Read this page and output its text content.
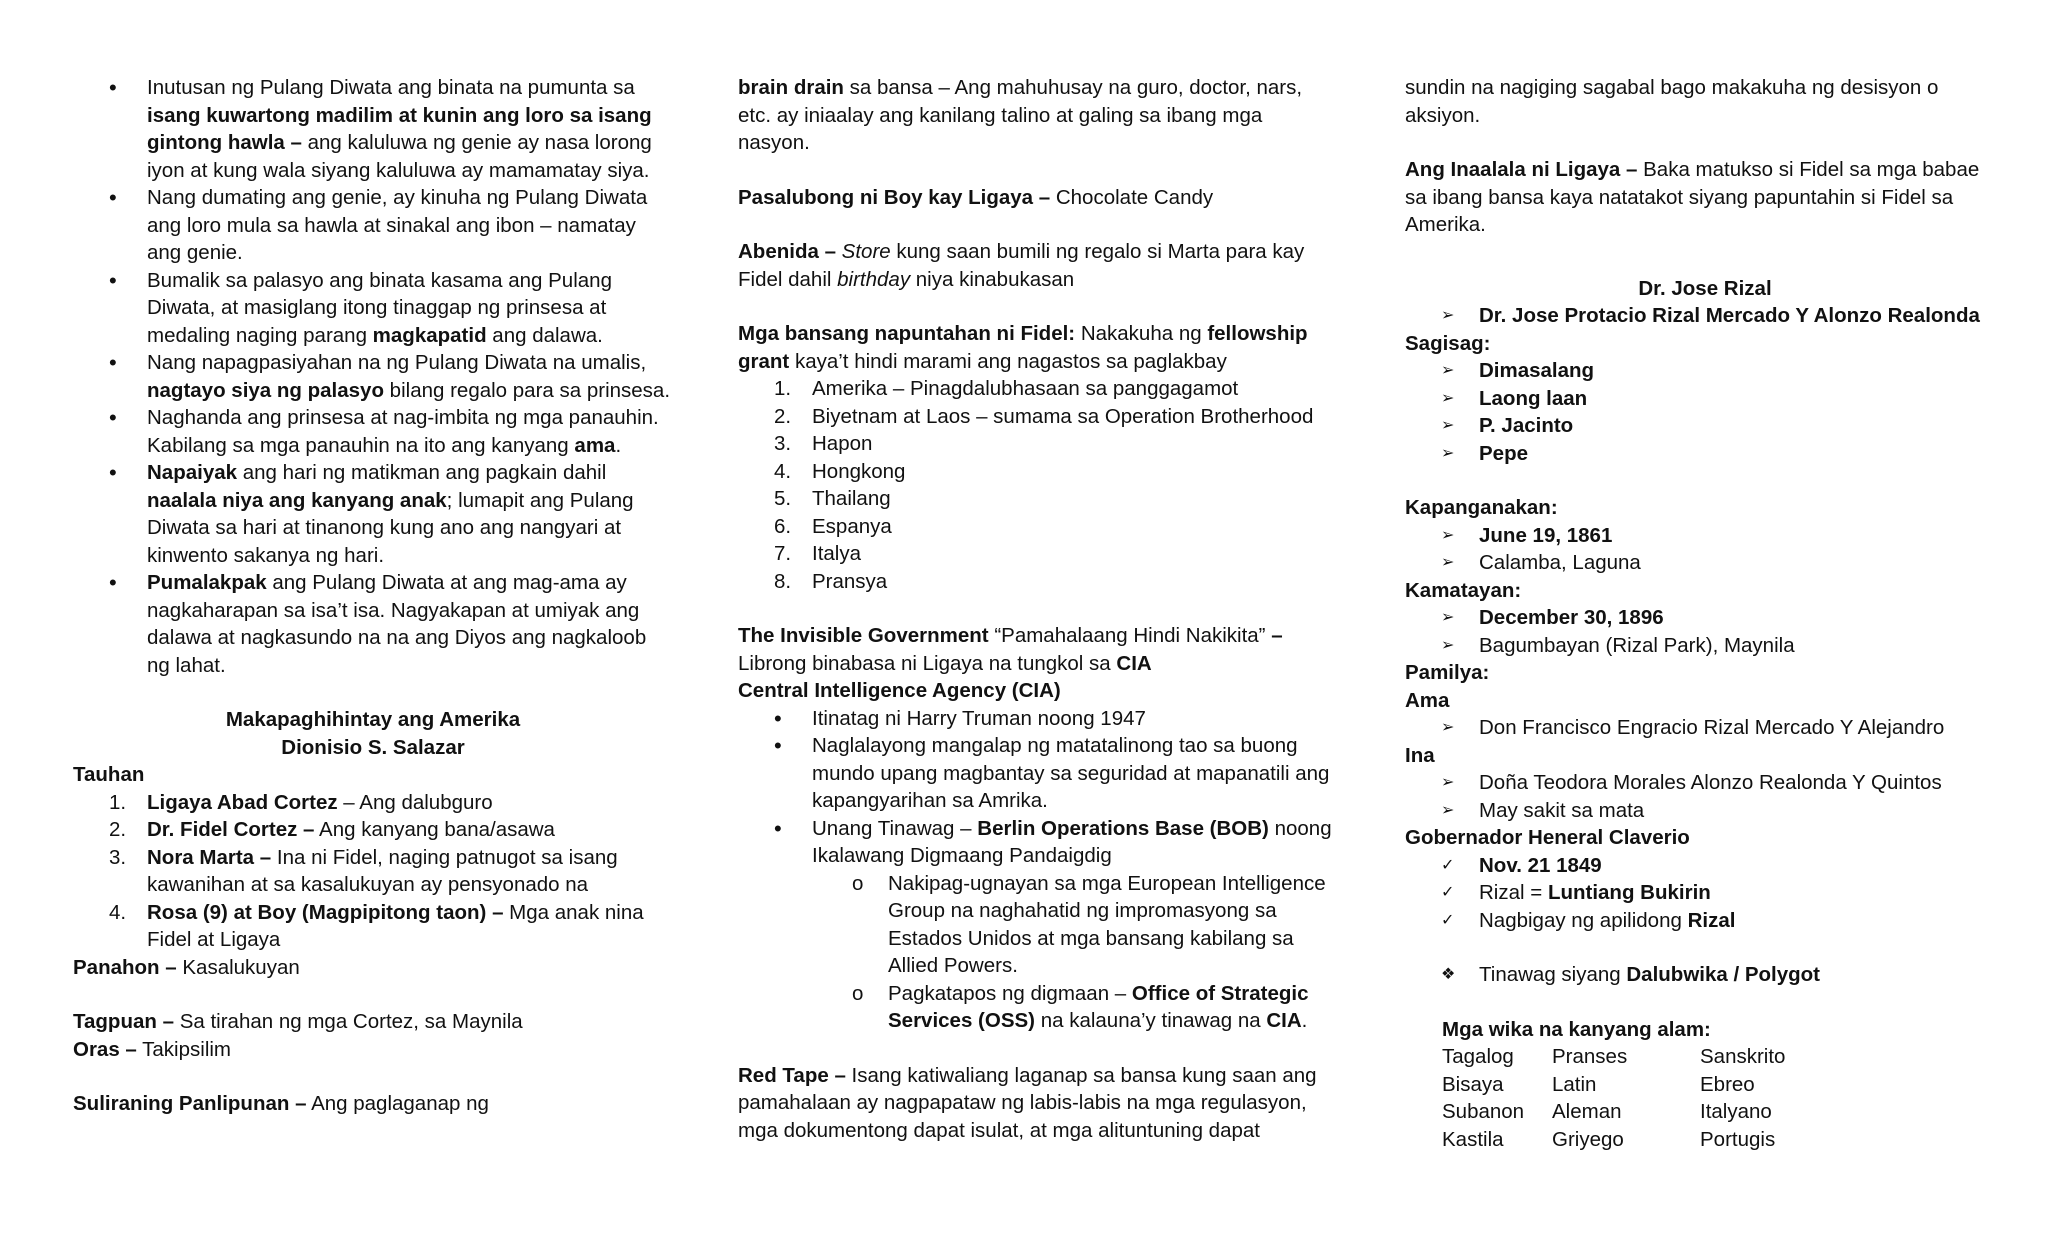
• Inutusan ng Pulang Diwata ang binata na pumunta sa isang kuwartong madilim at kunin ang loro sa isang gintong hawla – ang kaluluwa ng genie ay nasa lorong iyon at kung wala siyang kaluluwa ay mamamatay siya.
• Nang dumating ang genie, ay kinuha ng Pulang Diwata ang loro mula sa hawla at sinakal ang ibon – namatay ang genie.
• Bumalik sa palasyo ang binata kasama ang Pulang Diwata, at masiglang itong tinaggap ng prinsesa at medaling naging parang magkapatid ang dalawa.
• Nang napagpasiyahan na ng Pulang Diwata na umalis, nagtayo siya ng palasyo bilang regalo para sa prinsesa.
• Naghanda ang prinsesa at nag-imbita ng mga panauhin. Kabilang sa mga panauhin na ito ang kanyang ama.
• Napaiyak ang hari ng matikman ang pagkain dahil naalala niya ang kanyang anak; lumapit ang Pulang Diwata sa hari at tinanong kung ano ang nangyari at kinwento sakanya ng hari.
• Pumalakpak ang Pulang Diwata at ang mag-ama ay nagkaharapan sa isa’t isa. Nagyakapan at umiyak ang dalawa at nagkasundo na na ang Diyos ang nagkaloob ng lahat.

Makapaghihintay ang Amerika

Dionisio S. Salazar

Tauhan

1. Ligaya Abad Cortez – Ang dalubguro
2. Dr. Fidel Cortez – Ang kanyang bana/asawa
3. Nora Marta – Ina ni Fidel, naging patnugot sa isang kawanihan at sa kasalukuyan ay pensyonado na
4. Rosa (9) at Boy (Magpipitong taon) – Mga anak nina Fidel at Ligaya

Panahon – Kasalukuyan

Tagpuan – Sa tirahan ng mga Cortez, sa Maynila

Oras – Takipsilim

Suliraning Panlipunan – Ang paglaganap ng

brain drain sa bansa – Ang mahuhusay na guro, doctor, nars, etc. ay iniaalay ang kanilang talino at galing sa ibang mga nasyon.

Pasalubong ni Boy kay Ligaya – Chocolate Candy

Abenida – Store kung saan bumili ng regalo si Marta para kay Fidel dahil birthday niya kinabukasan

Mga bansang napuntahan ni Fidel: Nakakuha ng fellowship grant kaya’t hindi marami ang nagastos sa paglakbay

1. Amerika – Pinagdalubhasaan sa panggagamot
2. Biyetnam at Laos – sumama sa Operation Brotherhood
3. Hapon
4. Hongkong
5. Thailang
6. Espanya
7. Italya
8. Pransya

The Invisible Government “Pamahalaang Hindi Nakikita” – Librong binabasa ni Ligaya na tungkol sa CIA

Central Intelligence Agency (CIA)

• Itinatag ni Harry Truman noong 1947
• Naglalayong mangalap ng matatalinong tao sa buong mundo upang magbantay sa seguridad at mapanatili ang kapangyarihan sa Amrika.
• Unang Tinawag – Berlin Operations Base (BOB) noong Ikalawang Digmaang Pandaigdig
o Nakipag-ugnayan sa mga European Intelligence Group na naghahatid ng impromasyong sa Estados Unidos at mga bansang kabilang sa Allied Powers.
o Pagkatapos ng digmaan – Office of Strategic Services (OSS) na kalauna’y tinawag na CIA.

Red Tape – Isang katiwaliang laganap sa bansa kung saan ang pamahalaan ay nagpapataw ng labis-labis na mga regulasyon, mga dokumentong dapat isulat, at mga alituntuning dapat

sundin na nagiging sagabal bago makakuha ng desisyon o aksiyon.

Ang Inaalala ni Ligaya – Baka matukso si Fidel sa mga babae sa ibang bansa kaya natatakot siyang papuntahin si Fidel sa Amerika.

Dr. Jose Rizal

➢ Dr. Jose Protacio Rizal Mercado Y Alonzo Realonda

Sagisag:

➢ Dimasalang
➢ Laong laan
➢ P. Jacinto
➢ Pepe

Kapanganakan:

➢ June 19, 1861
➢ Calamba, Laguna

Kamatayan:

➢ December 30, 1896
➢ Bagumbayan (Rizal Park), Maynila

Pamilya:

Ama

➢ Don Francisco Engracio Rizal Mercado Y Alejandro

Ina

➢ Doña Teodora Morales Alonzo Realonda Y Quintos
➢ May sakit sa mata

Gobernador Heneral Claverio

✓ Nov. 21 1849
✓ Rizal = Luntiang Bukirin
✓ Nagbigay ng apilidong Rizal
❖ Tinawag siyang Dalubwika / Polygot

Mga wika na kanyang alam:

Tagalog	Pranses	Sanskrito
Bisaya	Latin	Ebreo
Subanon	Aleman	Italyano
Kastila	Griyego	Portugis
